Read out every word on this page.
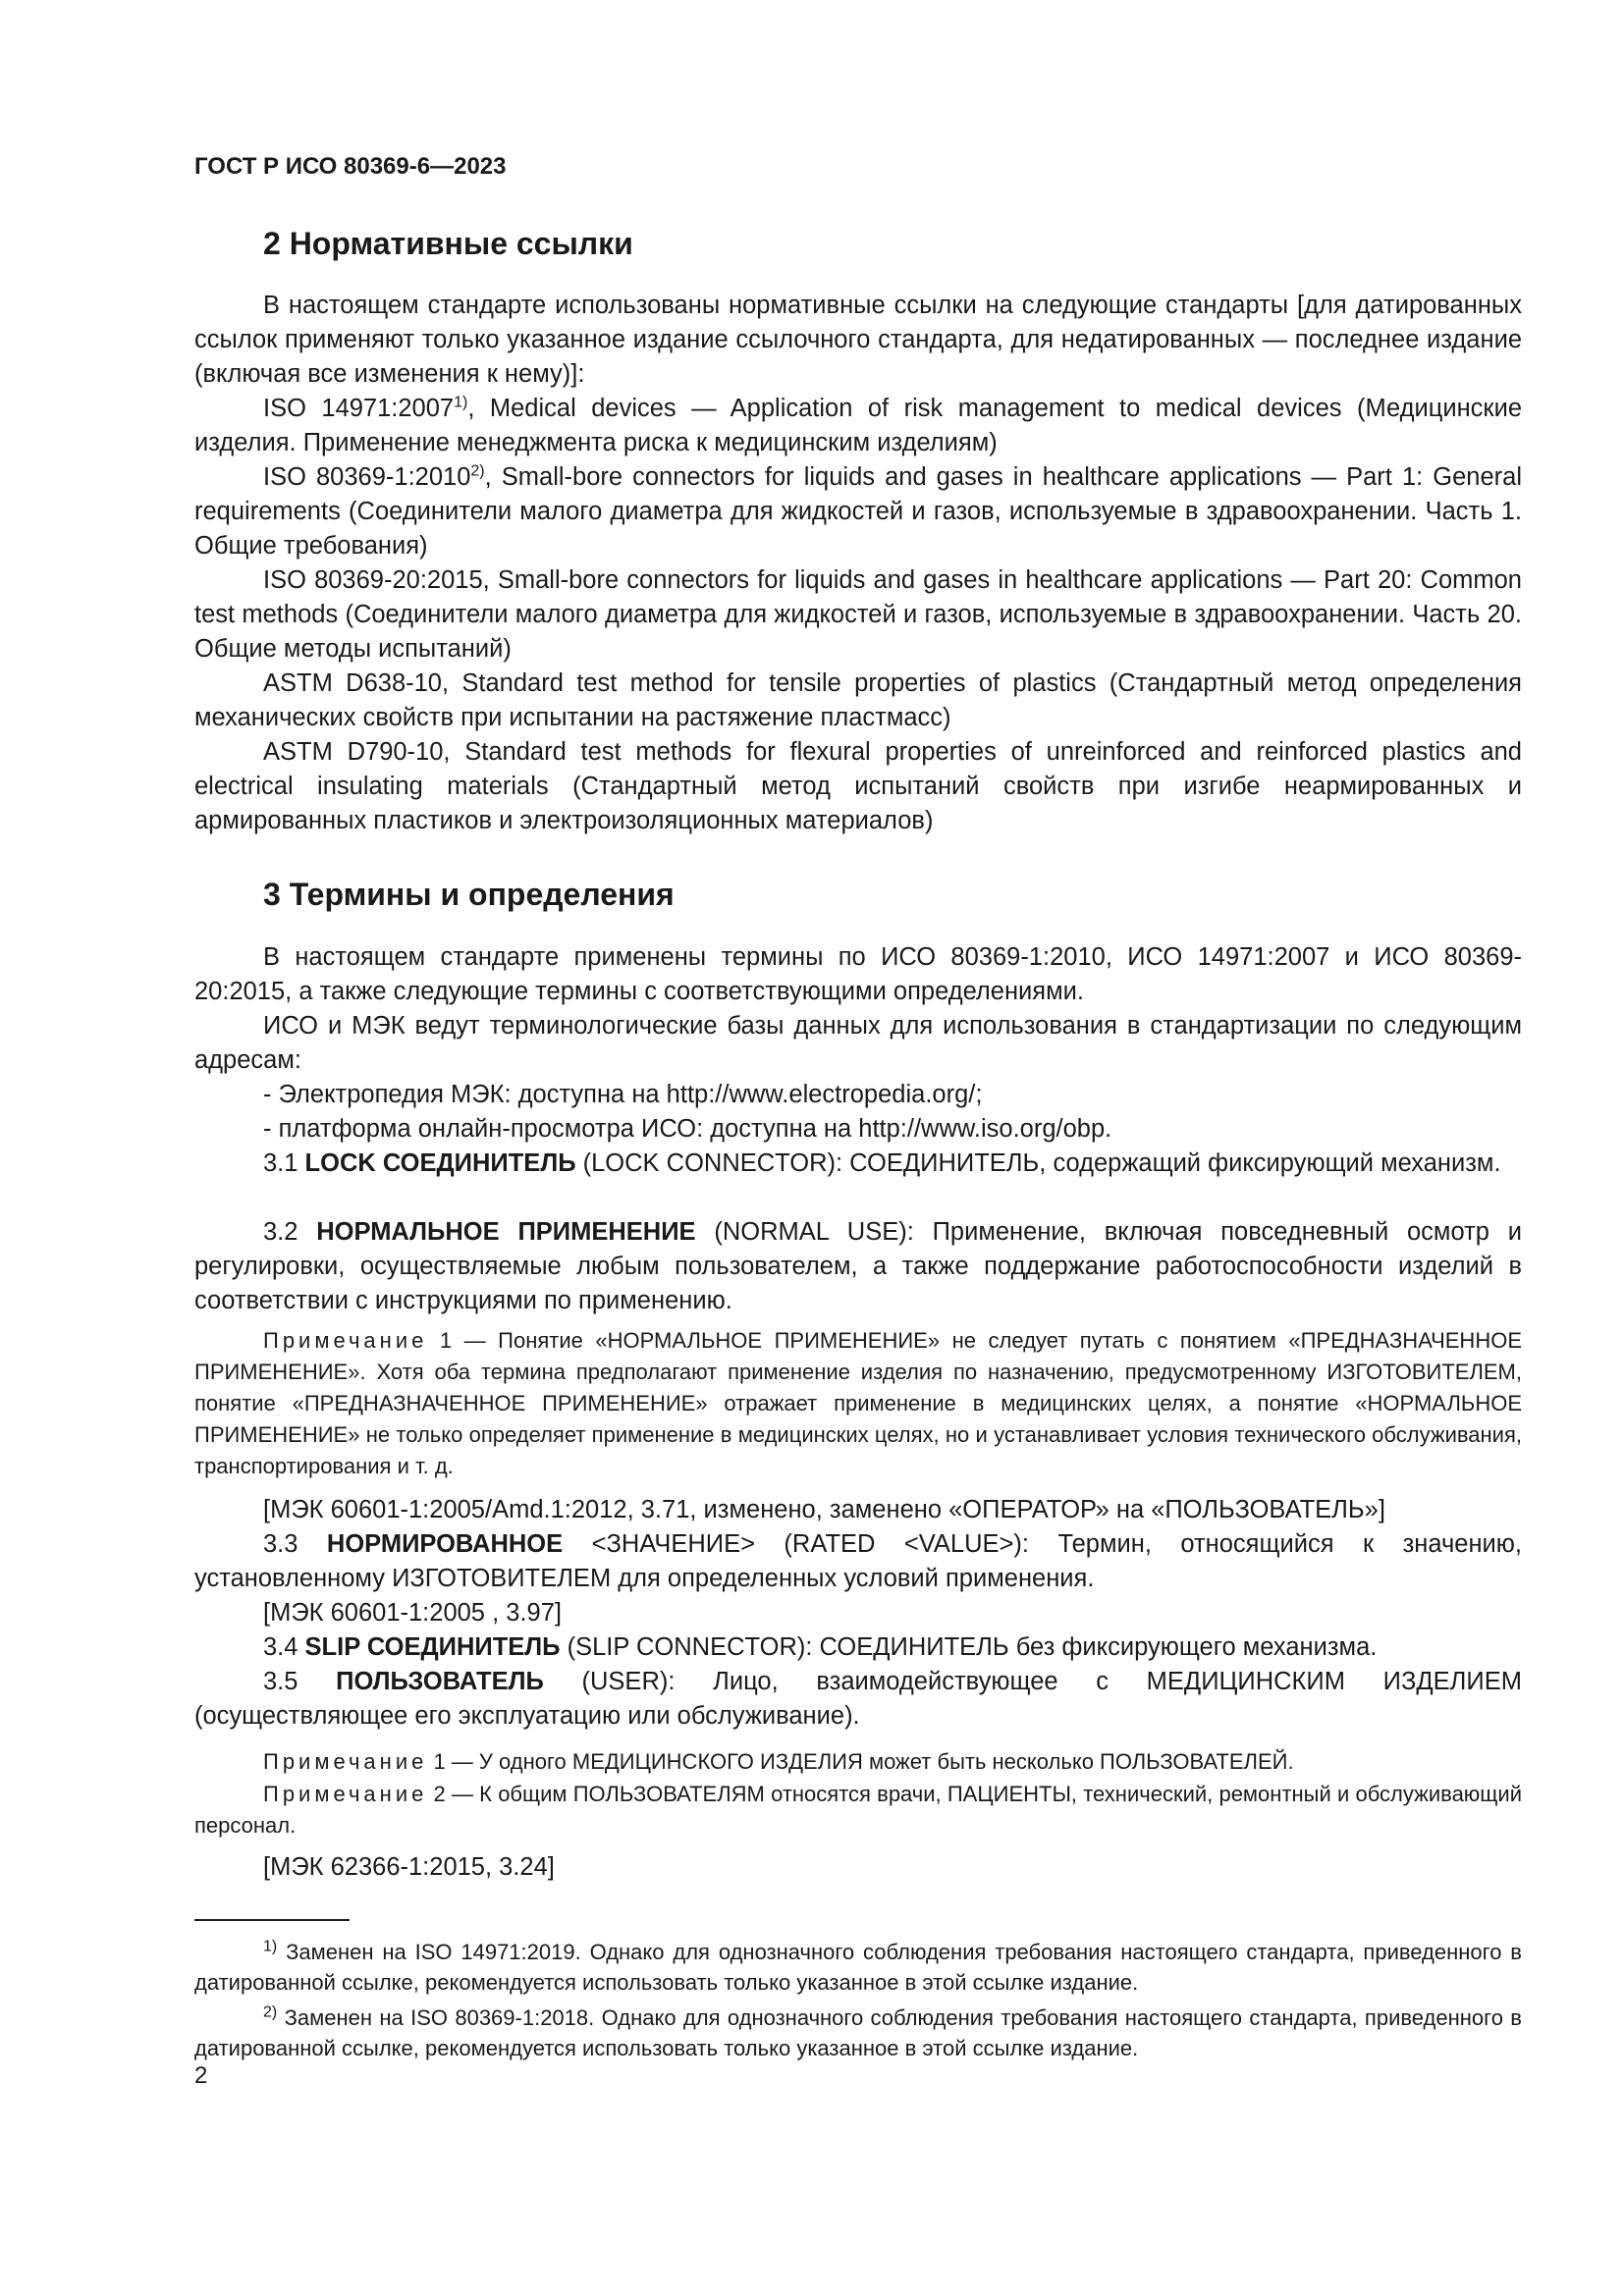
ГОСТ Р ИСО 80369-6—2023
2 Нормативные ссылки
В настоящем стандарте использованы нормативные ссылки на следующие стандарты [для датированных ссылок применяют только указанное издание ссылочного стандарта, для недатированных — последнее издание (включая все изменения к нему)]:
ISO 14971:2007$^{1)}$, Medical devices — Application of risk management to medical devices (Медицинские изделия. Применение менеджмента риска к медицинским изделиям)
ISO 80369-1:2010$^{2)}$, Small-bore connectors for liquids and gases in healthcare applications — Part 1: General requirements (Соединители малого диаметра для жидкостей и газов, используемые в здравоохранении. Часть 1. Общие требования)
ISO 80369-20:2015, Small-bore connectors for liquids and gases in healthcare applications — Part 20: Common test methods (Соединители малого диаметра для жидкостей и газов, используемые в здравоохранении. Часть 20. Общие методы испытаний)
ASTM D638-10, Standard test method for tensile properties of plastics (Стандартный метод определения механических свойств при испытании на растяжение пластмасс)
ASTM D790-10, Standard test methods for flexural properties of unreinforced and reinforced plastics and electrical insulating materials (Стандартный метод испытаний свойств при изгибе неармированных и армированных пластиков и электроизоляционных материалов)
3 Термины и определения
В настоящем стандарте применены термины по ИСО 80369-1:2010, ИСО 14971:2007 и ИСО 80369-20:2015, а также следующие термины с соответствующими определениями.
ИСО и МЭК ведут терминологические базы данных для использования в стандартизации по следующим адресам:
- Электропедия МЭК: доступна на http://www.electropedia.org/;
- платформа онлайн-просмотра ИСО: доступна на http://www.iso.org/obp.
3.1 LOCK СОЕДИНИТЕЛЬ (LOCK CONNECTOR): СОЕДИНИТЕЛЬ, содержащий фиксирующий механизм.
3.2 НОРМАЛЬНОЕ ПРИМЕНЕНИЕ (NORMAL USE): Применение, включая повседневный осмотр и регулировки, осуществляемые любым пользователем, а также поддержание работоспособности изделий в соответствии с инструкциями по применению.
Примечание 1 — Понятие «НОРМАЛЬНОЕ ПРИМЕНЕНИЕ» не следует путать с понятием «ПРЕДНАЗНАЧЕННОЕ ПРИМЕНЕНИЕ». Хотя оба термина предполагают применение изделия по назначению, предусмотренному ИЗГОТОВИТЕЛЕМ, понятие «ПРЕДНАЗНАЧЕННОЕ ПРИМЕНЕНИЕ» отражает применение в медицинских целях, а понятие «НОРМАЛЬНОЕ ПРИМЕНЕНИЕ» не только определяет применение в медицинских целях, но и устанавливает условия технического обслуживания, транспортирования и т. д.
[МЭК 60601-1:2005/Amd.1:2012, 3.71, изменено, заменено «ОПЕРАТОР» на «ПОЛЬЗОВАТЕЛЬ»]
3.3 НОРМИРОВАННОЕ <ЗНАЧЕНИЕ> (RATED <VALUE>): Термин, относящийся к значению, установленному ИЗГОТОВИТЕЛЕМ для определенных условий применения.
[МЭК 60601-1:2005 , 3.97]
3.4 SLIP СОЕДИНИТЕЛЬ (SLIP CONNECTOR): СОЕДИНИТЕЛЬ без фиксирующего механизма.
3.5 ПОЛЬЗОВАТЕЛЬ (USER): Лицо, взаимодействующее с МЕДИЦИНСКИМ ИЗДЕЛИЕМ (осуществляющее его эксплуатацию или обслуживание).
Примечание 1 — У одного МЕДИЦИНСКОГО ИЗДЕЛИЯ может быть несколько ПОЛЬЗОВАТЕЛЕЙ.
Примечание 2 — К общим ПОЛЬЗОВАТЕЛЯМ относятся врачи, ПАЦИЕНТЫ, технический, ремонтный и обслуживающий персонал.
[МЭК 62366-1:2015, 3.24]
$^{1)}$ Заменен на ISO 14971:2019. Однако для однозначного соблюдения требования настоящего стандарта, приведенного в датированной ссылке, рекомендуется использовать только указанное в этой ссылке издание.
$^{2)}$ Заменен на ISO 80369-1:2018. Однако для однозначного соблюдения требования настоящего стандарта, приведенного в датированной ссылке, рекомендуется использовать только указанное в этой ссылке издание.
2
